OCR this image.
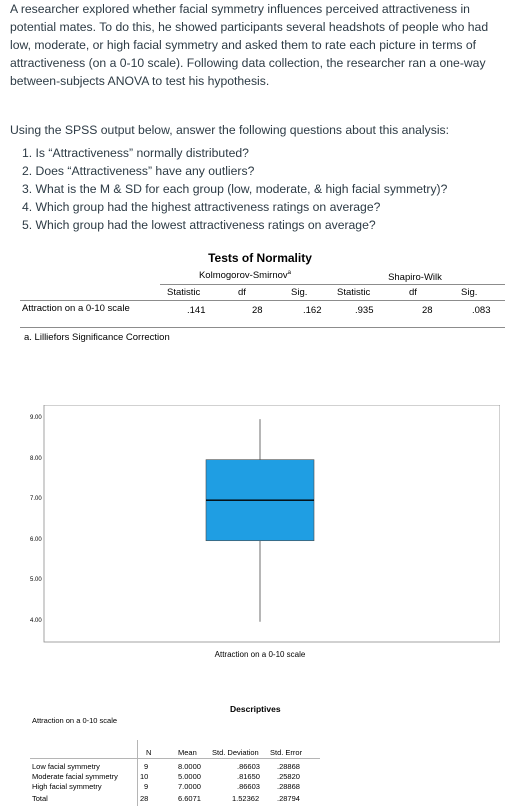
A researcher explored whether facial symmetry influences perceived attractiveness in potential mates. To do this, he showed participants several headshots of people who had low, moderate, or high facial symmetry and asked them to rate each picture in terms of attractiveness (on a 0-10 scale). Following data collection, the researcher ran a one-way between-subjects ANOVA to test his hypothesis.

Using the SPSS output below, answer the following questions about this analysis:

1. Is “Attractiveness” normally distributed?
2. Does “Attractiveness” have any outliers?
3. What is the M & SD for each group (low, moderate, & high facial symmetry)?
4. Which group had the highest attractiveness ratings on average?
5. Which group had the lowest attractiveness ratings on average?
Tests of Normality
Kolmogorov-Smirnov$^a$	Shapiro-Wilk
Statistic	df	Sig.	Statistic	df	Sig.
Attraction on a 0-10 scale	.141	28	.162	.935	28	.083
a. Lilliefors Significance Correction
9.00
8.00
7.00
6.00
5.00
4.00
Attraction on a 0-10 scale
Descriptives
Attraction on a 0-10 scale
N	Mean Std. Deviation Std. Error
Low facial symmetry	9	8.0000	.86603 .28868
Moderate facial symmetry	10	5.0000	.81650 .25820
High facial symmetry	9	7.0000	.86603 .28868
Total	28	6.6071	1.52362 .28794
